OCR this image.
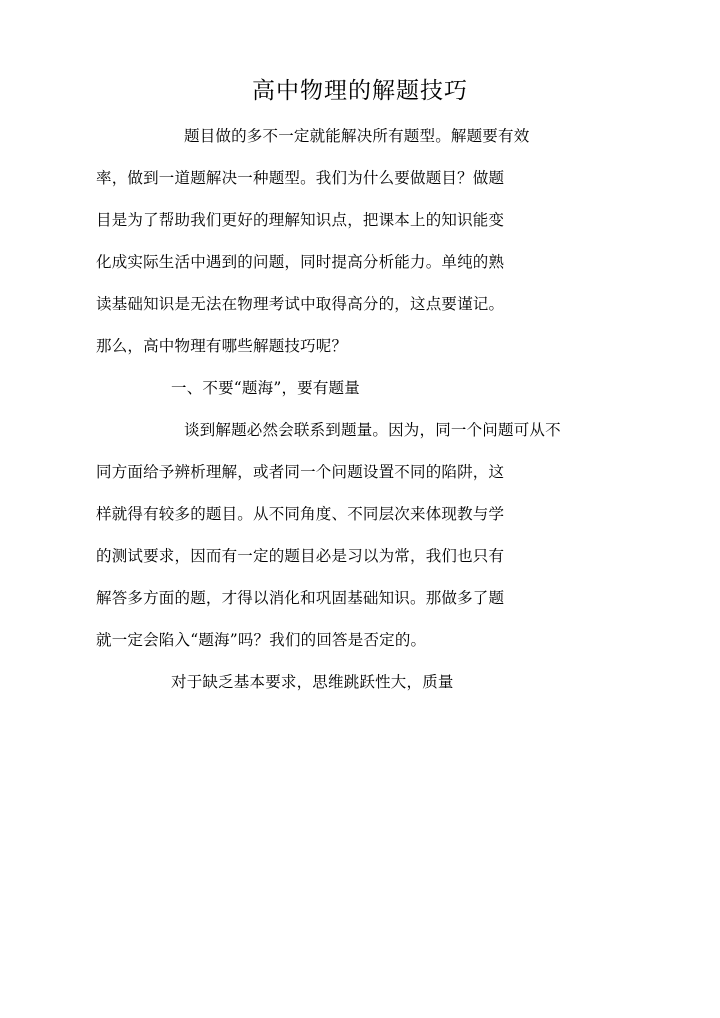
高中物理的解题技巧

题目做的多不一定就能解决所有题型。解题要有效

率，做到一道题解决一种题型。我们为什么要做题目？做题

目是为了帮助我们更好的理解知识点，把课本上的知识能变

化成实际生活中遇到的问题，同时提高分析能力。单纯的熟

读基础知识是无法在物理考试中取得高分的，这点要谨记。

那么，高中物理有哪些解题技巧呢？

一、不要“题海”，要有题量

谈到解题必然会联系到题量。因为，同一个问题可从不

同方面给予辨析理解，或者同一个问题设置不同的陷阱，这

样就得有较多的题目。从不同角度、不同层次来体现教与学

的测试要求，因而有一定的题目必是习以为常，我们也只有

解答多方面的题，才得以消化和巩固基础知识。那做多了题

就一定会陷入“题海”吗？我们的回答是否定的。

对于缺乏基本要求，思维跳跃性大，质量
